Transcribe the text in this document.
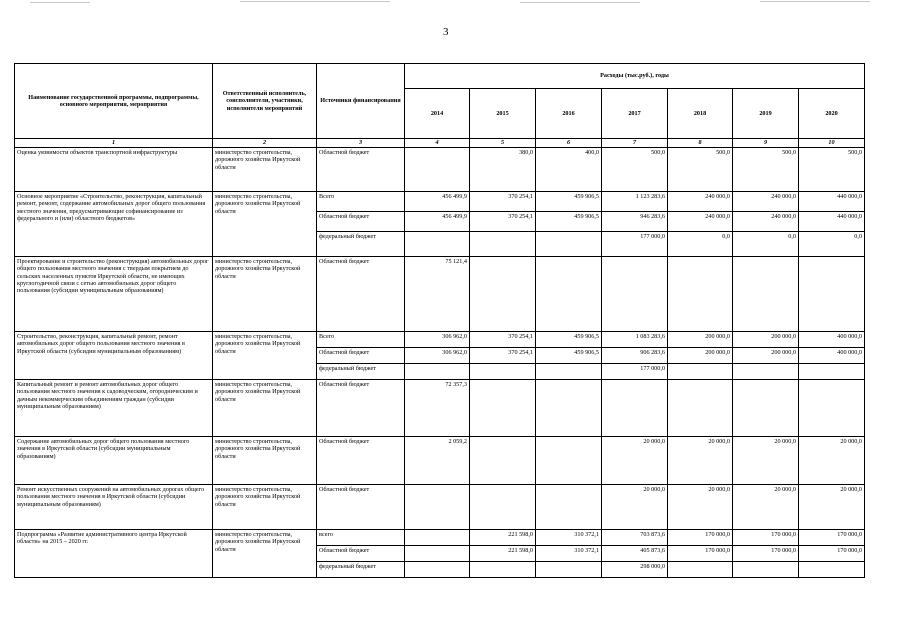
3
Наименование государственной программы, подпрограммы, основного мероприятия, мероприятия	Ответственный исполнитель, соисполнители, участники, исполнители мероприятий	Источники финансирования	Расходы (тыс.руб.), годы						
			2014	2015	2016	2017	2018	2019	2020
1	2	3	4	5	6	7	8	9	10
Оценка уязвимости объектов транспортной инфраструктуры	министерство строительства, дорожного хозяйства Иркутской области	Областной бюджет		380,0	400,0	500,0	500,0	500,0	500,0
Основное мероприятие «Строительство, реконструкция, капитальный ремонт, ремонт, содержание автомобильных дорог общего пользования местного значения, предусматривающие софинансирование из федерального и (или) областного бюджетов»	министерство строительства, дорожного хозяйства Иркутской области	Всего	456 499,9	370 254,1	459 906,5	1 123 283,6	240 000,0	240 000,0	440 000,0
		Областной бюджет	456 499,9	370 254,1	459 906,5	946 283,6	240 000,0	240 000,0	440 000,0
		федеральный бюджет				177 000,0	0,0	0,0	0,0
Проектирование и строительство (реконструкция) автомобильных дорог общего пользования местного значения с твердым покрытием до сельских населенных пунктов Иркутской области, не имеющих круглогодичной связи с сетью автомобильных дорог общего пользования (субсидии муниципальным образованиям)	министерство строительства, дорожного хозяйства Иркутской области	Областной бюджет	75 121,4						
Строительство, реконструкция, капитальный ремонт, ремонт автомобильных дорог общего пользования местного значения в Иркутской области (субсидии муниципальным образованиям)	министерство строительства, дорожного хозяйства Иркутской области	Всего	306 962,0	370 254,1	459 906,5	1 083 283,6	200 000,0	200 000,0	400 000,0
		Областной бюджет	306 962,0	370 254,1	459 906,5	906 283,6	200 000,0	200 000,0	400 000,0
		федеральный бюджет				177 000,0			
Капитальный ремонт и ремонт автомобильных дорог общего пользования местного значения к садоводческим, огородническим и дачным некоммерческим объединениям граждан (субсидии муниципальным образованиям)	министерство строительства, дорожного хозяйства Иркутской области	Областной бюджет	72 357,3						
Содержание автомобильных дорог общего пользования местного значения в Иркутской области (субсидии муниципальным образованиям)	министерство строительства, дорожного хозяйства Иркутской области	Областной бюджет	2 059,2			20 000,0	20 000,0	20 000,0	20 000,0
Ремонт искусственных сооружений на автомобильных дорогах общего пользования местного значения в Иркутской области (субсидии муниципальным образованиям)	министерство строительства, дорожного хозяйства Иркутской области	Областной бюджет				20 000,0	20 000,0	20 000,0	20 000,0
Подпрограмма «Развитие административного центра Иркутской области» на 2015 – 2020 гг.	министерство строительства, дорожного хозяйства Иркутской области	всего		221 598,0	310 372,1	703 873,6	170 000,0	170 000,0	170 000,0
		Областной бюджет		221 598,0	310 372,1	405 873,6	170 000,0	170 000,0	170 000,0
		федеральный бюджет				298 000,0			
